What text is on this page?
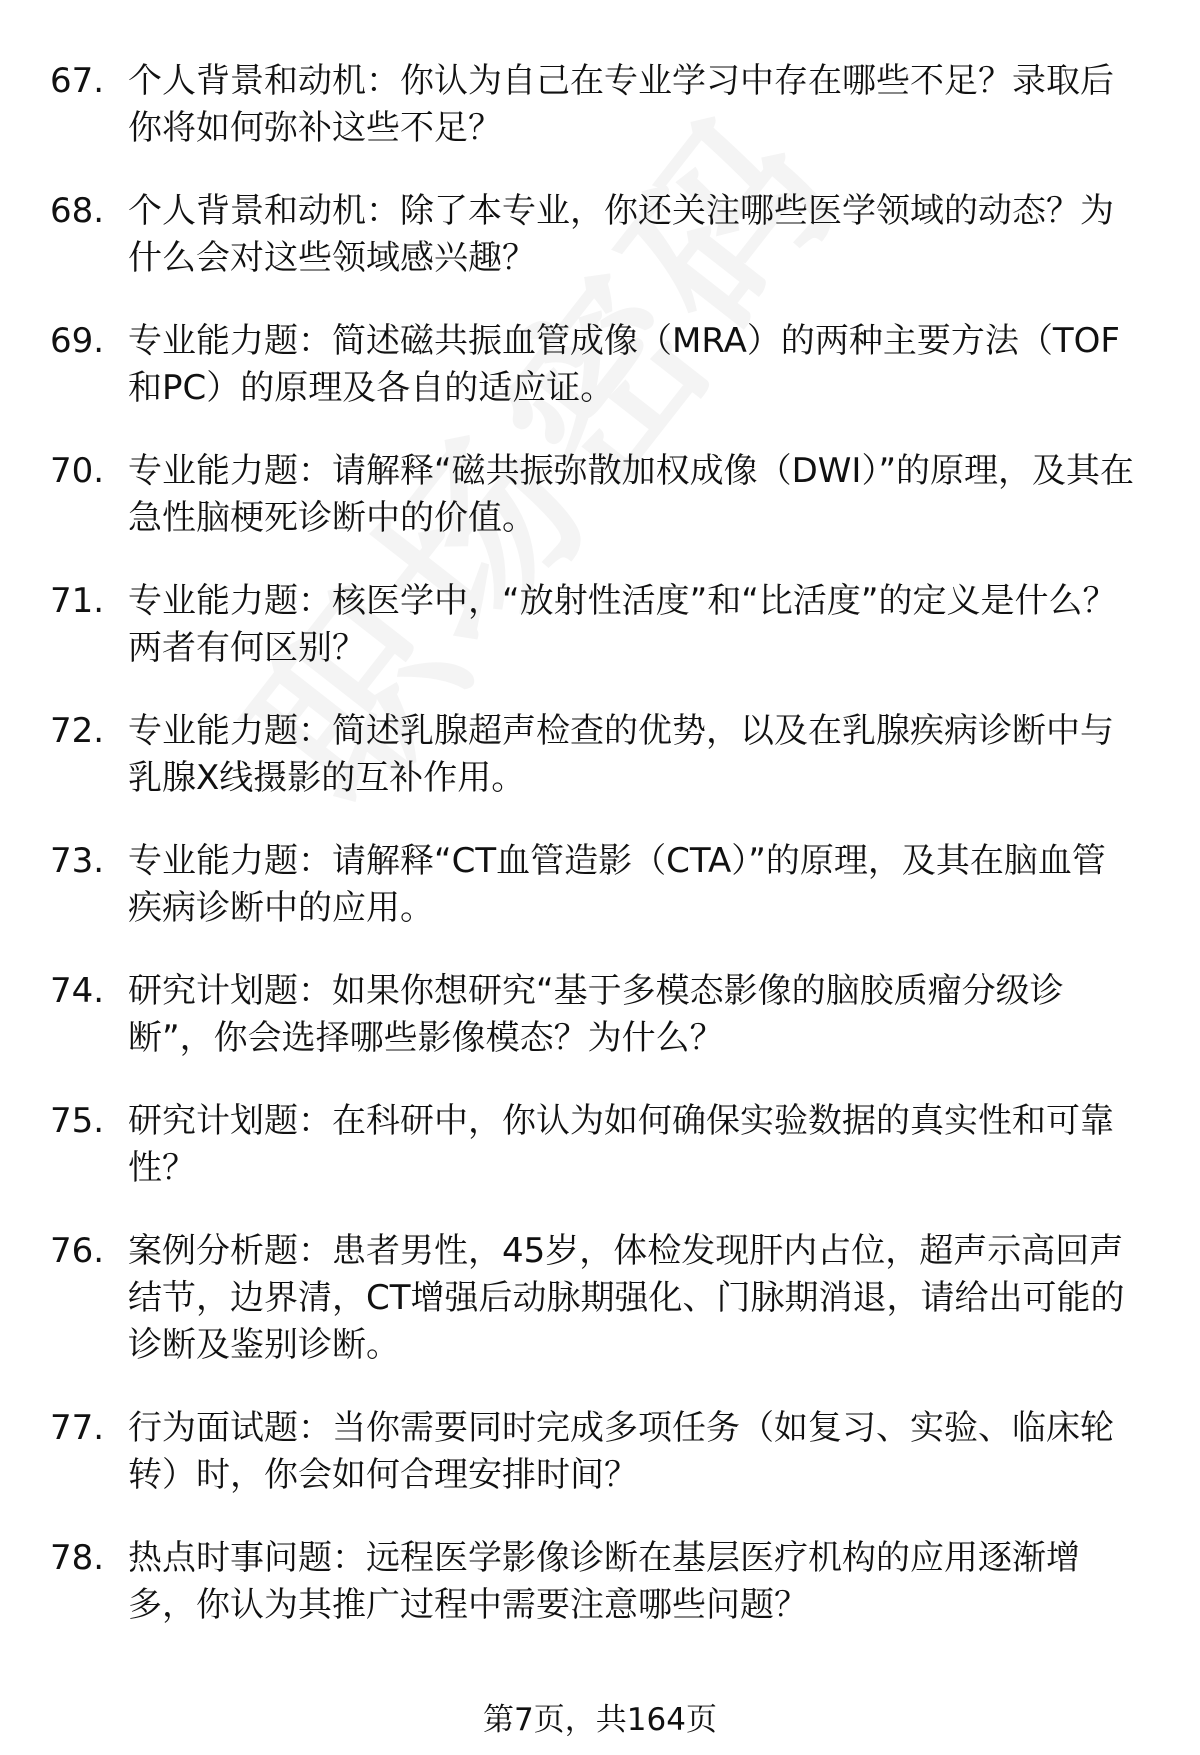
67. 个人背景和动机：你认为自己在专业学习中存在哪些不足？录取后你将如何弥补这些不足？
68. 个人背景和动机：除了本专业，你还关注哪些医学领域的动态？为什么会对这些领域感兴趣？
69. 专业能力题：简述磁共振血管成像（MRA）的两种主要方法（TOF和PC）的原理及各自的适应证。
70. 专业能力题：请解释“磁共振弥散加权成像（DWI）”的原理，及其在急性脑梗死诊断中的价值。
71. 专业能力题：核医学中，“放射性活度”和“比活度”的定义是什么？两者有何区别？
72. 专业能力题：简述乳腺超声检查的优势，以及在乳腺疾病诊断中与乳腺X线摄影的互补作用。
73. 专业能力题：请解释“CT血管造影（CTA）”的原理，及其在脑血管疾病诊断中的应用。
74. 研究计划题：如果你想研究“基于多模态影像的脑胶质瘤分级诊断”，你会选择哪些影像模态？为什么？
75. 研究计划题：在科研中，你认为如何确保实验数据的真实性和可靠性？
76. 案例分析题：患者男性，45岁，体检发现肝内占位，超声示高回声结节，边界清，CT增强后动脉期强化、门脉期消退，请给出可能的诊断及鉴别诊断。
77. 行为面试题：当你需要同时完成多项任务（如复习、实验、临床轮转）时，你会如何合理安排时间？
78. 热点时事问题：远程医学影像诊断在基层医疗机构的应用逐渐增多，你认为其推广过程中需要注意哪些问题？
第7页，共164页
